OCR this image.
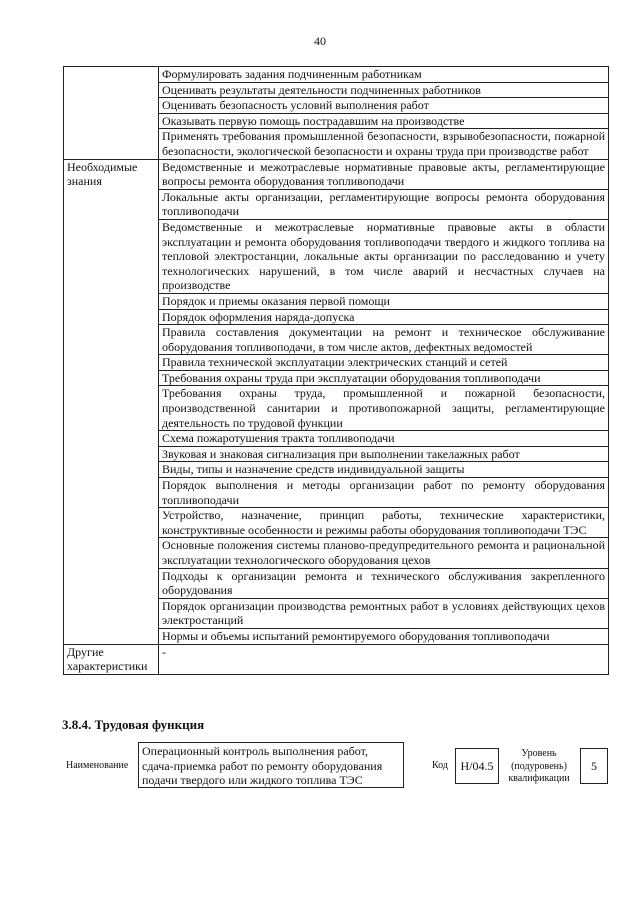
40
	Формулировать задания подчиненным работникам
	Оценивать результаты деятельности подчиненных работников
	Оценивать безопасность условий выполнения работ
	Оказывать первую помощь пострадавшим на производстве
	Применять требования промышленной безопасности, взрывобезопасности, пожарной безопасности, экологической безопасности и охраны труда при производстве работ
Необходимые знания	Ведомственные и межотраслевые нормативные правовые акты, регламентирующие вопросы ремонта оборудования топливоподачи
	Локальные акты организации, регламентирующие вопросы ремонта оборудования топливоподачи
	Ведомственные и межотраслевые нормативные правовые акты в области эксплуатации и ремонта оборудования топливоподачи твердого и жидкого топлива на тепловой электростанции, локальные акты организации по расследованию и учету технологических нарушений, в том числе аварий и несчастных случаев на производстве
	Порядок и приемы оказания первой помощи
	Порядок оформления наряда-допуска
	Правила составления документации на ремонт и техническое обслуживание оборудования топливоподачи, в том числе актов, дефектных ведомостей
	Правила технической эксплуатации электрических станций и сетей
	Требования охраны труда при эксплуатации оборудования топливоподачи
	Требования охраны труда, промышленной и пожарной безопасности, производственной санитарии и противопожарной защиты, регламентирующие деятельность по трудовой функции
	Схема пожаротушения тракта топливоподачи
	Звуковая и знаковая сигнализация при выполнении такелажных работ
	Виды, типы и назначение средств индивидуальной защиты
	Порядок выполнения и методы организации работ по ремонту оборудования топливоподачи
	Устройство, назначение, принцип работы, технические характеристики, конструктивные особенности и режимы работы оборудования топливоподачи ТЭС
	Основные положения системы планово-предупредительного ремонта и рациональной эксплуатации технологического оборудования цехов
	Подходы к организации ремонта и технического обслуживания закрепленного оборудования
	Порядок организации производства ремонтных работ в условиях действующих цехов электростанций
	Нормы и объемы испытаний ремонтируемого оборудования топливоподачи
Другие характеристики	-
3.8.4. Трудовая функция
Наименование
Операционный контроль выполнения работ, сдача-приемка работ по ремонту оборудования подачи твердого или жидкого топлива ТЭС
Код	Н/04.5
Уровень (подуровень) квалификации
5
